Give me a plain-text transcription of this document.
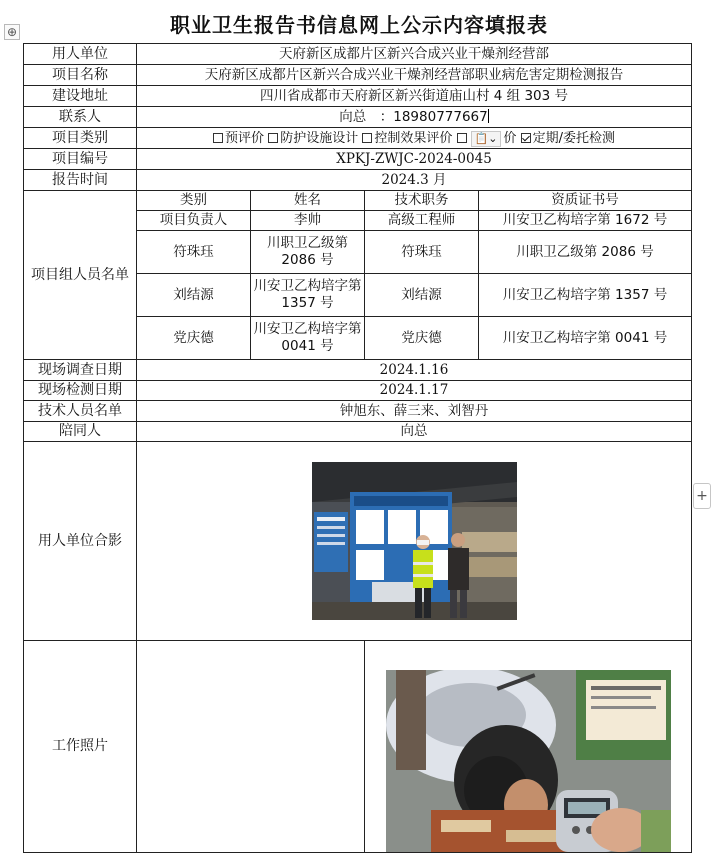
⊕	职业卫生报告书信息网上公示内容填报表
用人单位	天府新区成都片区新兴合成兴业干燥剂经营部			
项目名称	天府新区成都片区新兴合成兴业干燥剂经营部职业病危害定期检测报告			
建设地址	四川省成都市天府新区新兴街道庙山村 4 组 303 号			
联系人	向总　：18980777667			
项目类别	预评价 防护设施设计 控制效果评价 📋⌄ 价 定期/委托检测			
项目编号	XPKJ-ZWJC-2024-0045			
报告时间	2024.3 月			
项目组人员名单	类别	姓名	技术职务	资质证书号
	项目负责人	李帅	高级工程师	川安卫乙构培字第 1672 号
	符珠珏	川职卫乙级第 2086 号	符珠珏	川职卫乙级第 2086 号
	刘结源	川安卫乙构培字第 1357 号	刘结源	川安卫乙构培字第 1357 号
	党庆德	川安卫乙构培字第 0041 号	党庆德	川安卫乙构培字第 0041 号
现场调查日期	2024.1.16			
现场检测日期	2024.1.17			
技术人员名单	钟旭东、薛三来、刘智丹			
陪同人	向总			
用人单位合影	

工作照片		
+
